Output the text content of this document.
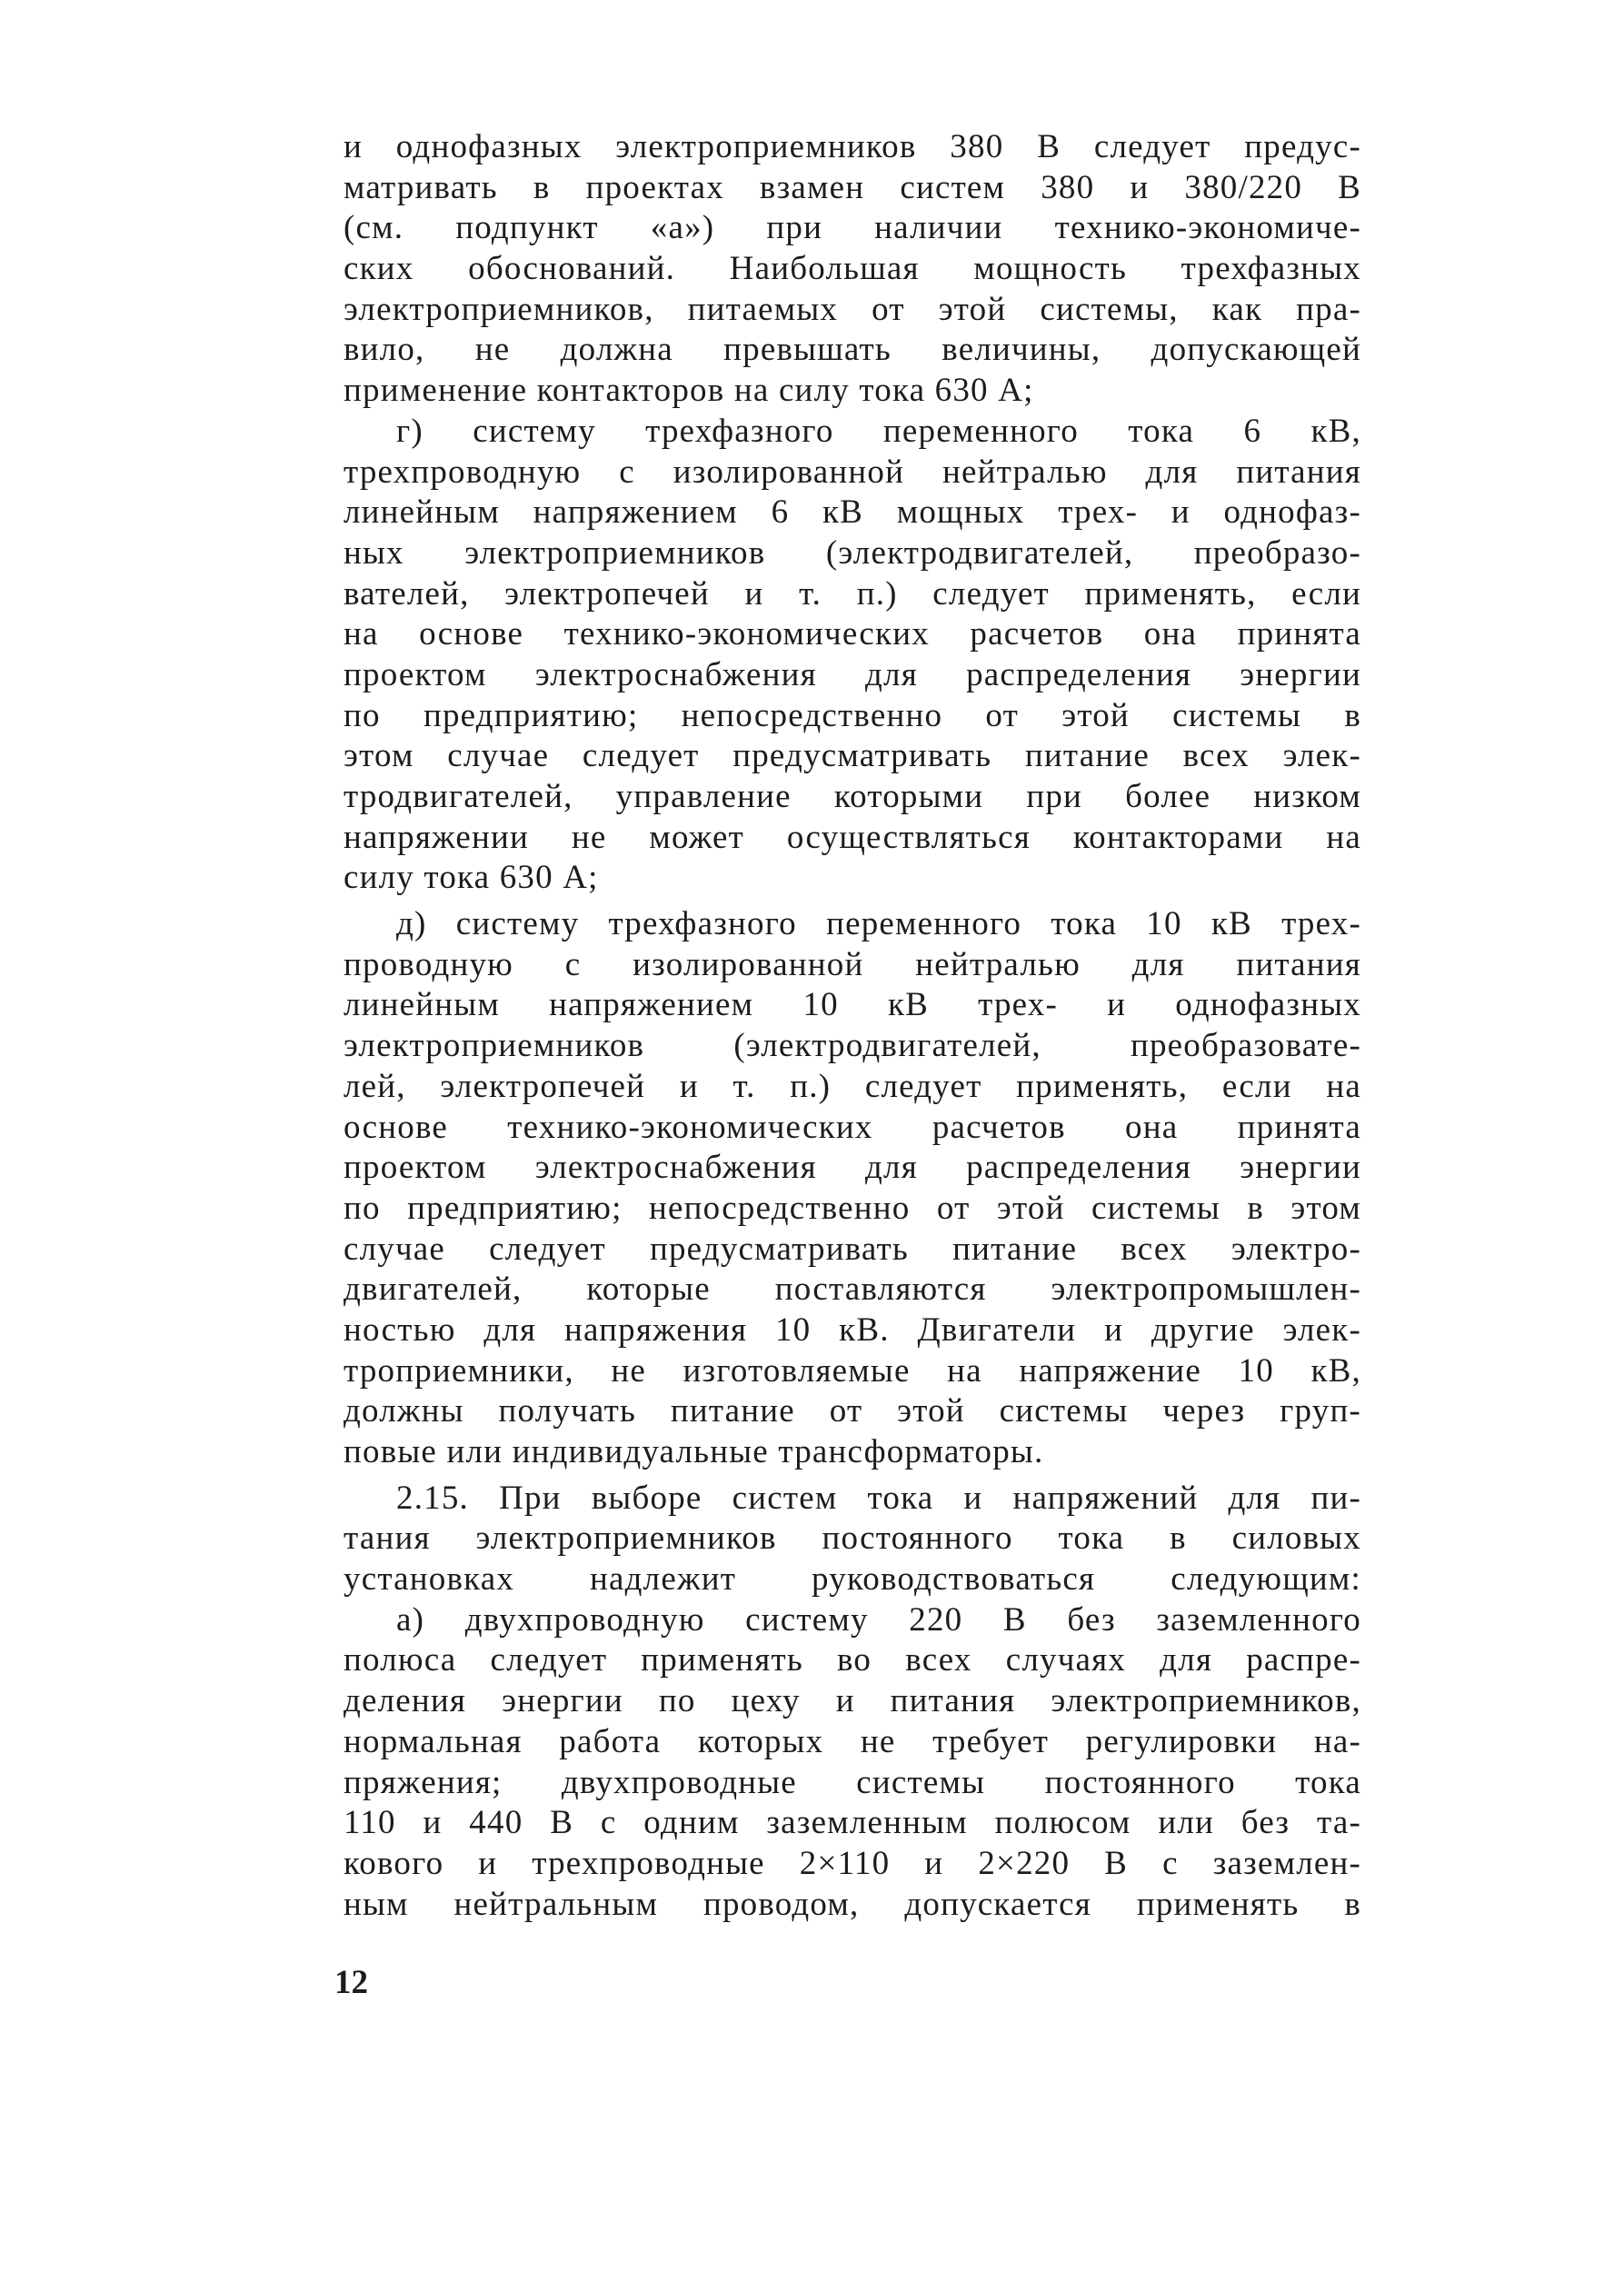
и однофазных электроприемников 380 В следует предус-
матривать в проектах взамен систем 380 и 380/220 В
(см. подпункт «а») при наличии технико-экономиче-
ских обоснований. Наибольшая мощность трехфазных
электроприемников, питаемых от этой системы, как пра-
вило, не должна превышать величины, допускающей
применение контакторов на силу тока 630 А;
г) систему трехфазного переменного тока 6 кВ,
трехпроводную с изолированной нейтралью для питания
линейным напряжением 6 кВ мощных трех- и однофаз-
ных электроприемников (электродвигателей, преобразо-
вателей, электропечей и т. п.) следует применять, если
на основе технико-экономических расчетов она принята
проектом электроснабжения для распределения энергии
по предприятию; непосредственно от этой системы в
этом случае следует предусматривать питание всех элек-
тродвигателей, управление которыми при более низком
напряжении не может осуществляться контакторами на
силу тока 630 А;
д) систему трехфазного переменного тока 10 кВ трех-
проводную с изолированной нейтралью для питания
линейным напряжением 10 кВ трех- и однофазных
электроприемников (электродвигателей, преобразовате-
лей, электропечей и т. п.) следует применять, если на
основе технико-экономических расчетов она принята
проектом электроснабжения для распределения энергии
по предприятию; непосредственно от этой системы в этом
случае следует предусматривать питание всех электро-
двигателей, которые поставляются электропромышлен-
ностью для напряжения 10 кВ. Двигатели и другие элек-
троприемники, не изготовляемые на напряжение 10 кВ,
должны получать питание от этой системы через груп-
повые или индивидуальные трансформаторы.
2.15. При выборе систем тока и напряжений для пи-
тания электроприемников постоянного тока в силовых
установках надлежит руководствоваться следующим:
а) двухпроводную систему 220 В без заземленного
полюса следует применять во всех случаях для распре-
деления энергии по цеху и питания электроприемников,
нормальная работа которых не требует регулировки на-
пряжения; двухпроводные системы постоянного тока
110 и 440 В с одним заземленным полюсом или без та-
кового и трехпроводные 2×110 и 2×220 В с заземлен-
ным нейтральным проводом, допускается применять в
12
